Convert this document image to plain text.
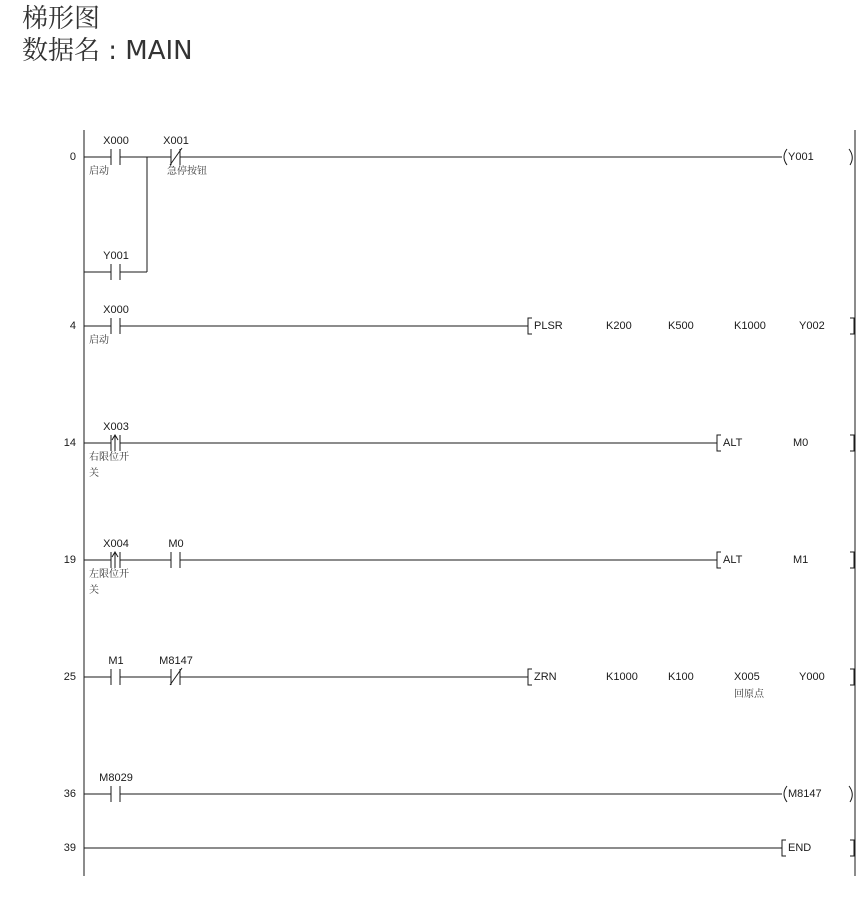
梯形图
数据名 : MAIN
0
X000
启动
X001
急停按钮
Y001
Y001
4
X000
启动
PLSR	K200	K500	K1000	Y002
14
X003
右限位开
关
ALT	M0
19
X004
左限位开
关
M0
ALT	M1
25
M1	M8147
ZRN	K1000	K100	X005	Y000
回原点
36
M8029
M8147
39	END
